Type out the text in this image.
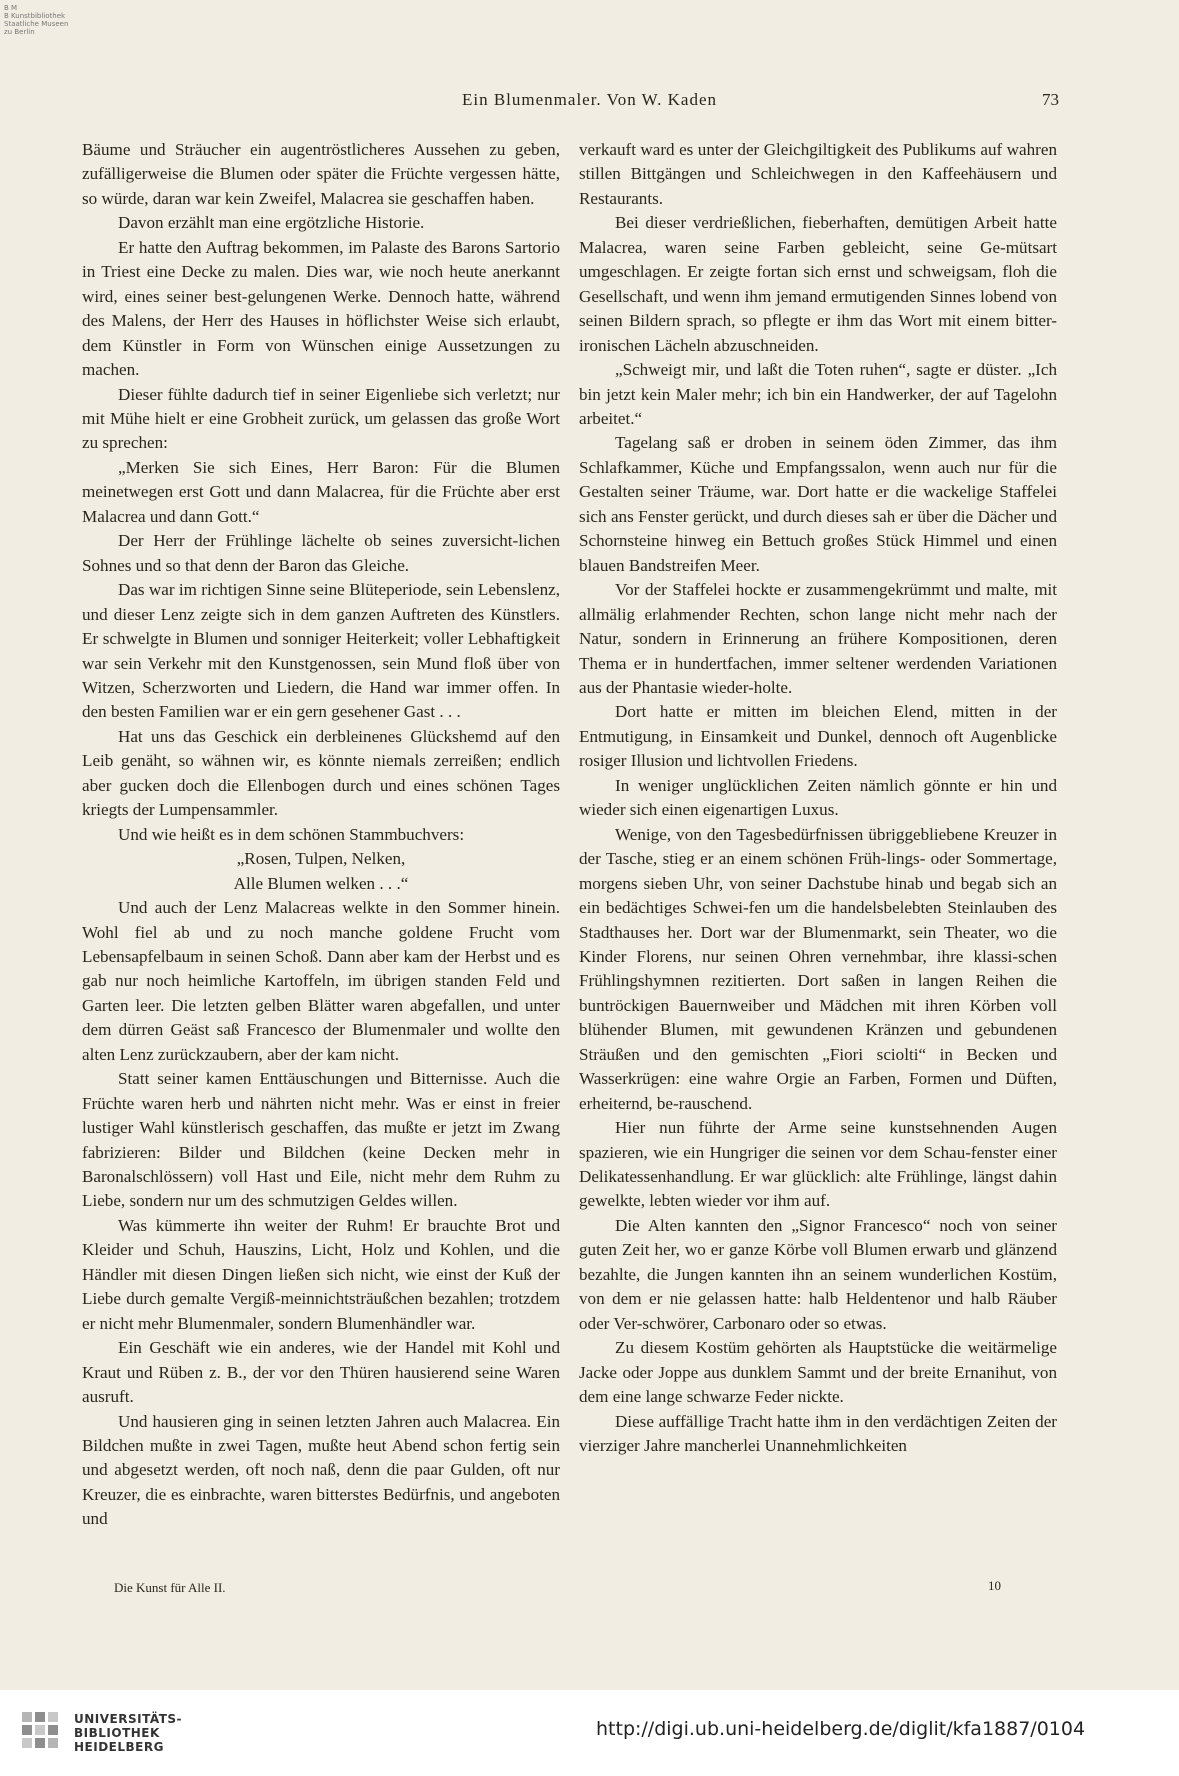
B M
B Kunstbibliothek
Staatliche Museen
zu Berlin
Ein Blumenmaler. Von W. Kaden	73

Bäume und Sträucher ein augentröstlicheres Aussehen zu geben, zufälligerweise die Blumen oder später die Früchte vergessen hätte, so würde, daran war kein Zweifel, Malacrea sie geschaffen haben.

Davon erzählt man eine ergötzliche Historie.

Er hatte den Auftrag bekommen, im Palaste des Barons Sartorio in Triest eine Decke zu malen. Dies war, wie noch heute anerkannt wird, eines seiner best-gelungenen Werke. Dennoch hatte, während des Malens, der Herr des Hauses in höflichster Weise sich erlaubt, dem Künstler in Form von Wünschen einige Aussetzungen zu machen.

Dieser fühlte dadurch tief in seiner Eigenliebe sich verletzt; nur mit Mühe hielt er eine Grobheit zurück, um gelassen das große Wort zu sprechen:

„Merken Sie sich Eines, Herr Baron: Für die Blumen meinetwegen erst Gott und dann Malacrea, für die Früchte aber erst Malacrea und dann Gott.“

Der Herr der Frühlinge lächelte ob seines zuversicht-lichen Sohnes und so that denn der Baron das Gleiche.

Das war im richtigen Sinne seine Blüteperiode, sein Lebenslenz, und dieser Lenz zeigte sich in dem ganzen Auftreten des Künstlers. Er schwelgte in Blumen und sonniger Heiterkeit; voller Lebhaftigkeit war sein Verkehr mit den Kunstgenossen, sein Mund floß über von Witzen, Scherzworten und Liedern, die Hand war immer offen. In den besten Familien war er ein gern gesehener Gast . . .

Hat uns das Geschick ein derbleinenes Glückshemd auf den Leib genäht, so wähnen wir, es könnte niemals zerreißen; endlich aber gucken doch die Ellenbogen durch und eines schönen Tages kriegts der Lumpensammler.

Und wie heißt es in dem schönen Stammbuchvers:

„Rosen, Tulpen, Nelken,

Alle Blumen welken . . .“

Und auch der Lenz Malacreas welkte in den Sommer hinein. Wohl fiel ab und zu noch manche goldene Frucht vom Lebensapfelbaum in seinen Schoß. Dann aber kam der Herbst und es gab nur noch heimliche Kartoffeln, im übrigen standen Feld und Garten leer. Die letzten gelben Blätter waren abgefallen, und unter dem dürren Geäst saß Francesco der Blumenmaler und wollte den alten Lenz zurückzaubern, aber der kam nicht.

Statt seiner kamen Enttäuschungen und Bitternisse. Auch die Früchte waren herb und nährten nicht mehr. Was er einst in freier lustiger Wahl künstlerisch geschaffen, das mußte er jetzt im Zwang fabrizieren: Bilder und Bildchen (keine Decken mehr in Baronalschlössern) voll Hast und Eile, nicht mehr dem Ruhm zu Liebe, sondern nur um des schmutzigen Geldes willen.

Was kümmerte ihn weiter der Ruhm! Er brauchte Brot und Kleider und Schuh, Hauszins, Licht, Holz und Kohlen, und die Händler mit diesen Dingen ließen sich nicht, wie einst der Kuß der Liebe durch gemalte Vergiß-meinnichtsträußchen bezahlen; trotzdem er nicht mehr Blumenmaler, sondern Blumenhändler war.

Ein Geschäft wie ein anderes, wie der Handel mit Kohl und Kraut und Rüben z. B., der vor den Thüren hausierend seine Waren ausruft.

Und hausieren ging in seinen letzten Jahren auch Malacrea. Ein Bildchen mußte in zwei Tagen, mußte heut Abend schon fertig sein und abgesetzt werden, oft noch naß, denn die paar Gulden, oft nur Kreuzer, die es einbrachte, waren bitterstes Bedürfnis, und angeboten und

verkauft ward es unter der Gleichgiltigkeit des Publikums auf wahren stillen Bittgängen und Schleichwegen in den Kaffeehäusern und Restaurants.

Bei dieser verdrießlichen, fieberhaften, demütigen Arbeit hatte Malacrea, waren seine Farben gebleicht, seine Ge-mütsart umgeschlagen. Er zeigte fortan sich ernst und schweigsam, floh die Gesellschaft, und wenn ihm jemand ermutigenden Sinnes lobend von seinen Bildern sprach, so pflegte er ihm das Wort mit einem bitter-ironischen Lächeln abzuschneiden.

„Schweigt mir, und laßt die Toten ruhen“, sagte er düster. „Ich bin jetzt kein Maler mehr; ich bin ein Handwerker, der auf Tagelohn arbeitet.“

Tagelang saß er droben in seinem öden Zimmer, das ihm Schlafkammer, Küche und Empfangssalon, wenn auch nur für die Gestalten seiner Träume, war. Dort hatte er die wackelige Staffelei sich ans Fenster gerückt, und durch dieses sah er über die Dächer und Schornsteine hinweg ein Bettuch großes Stück Himmel und einen blauen Bandstreifen Meer.

Vor der Staffelei hockte er zusammengekrümmt und malte, mit allmälig erlahmender Rechten, schon lange nicht mehr nach der Natur, sondern in Erinnerung an frühere Kompositionen, deren Thema er in hundertfachen, immer seltener werdenden Variationen aus der Phantasie wieder-holte.

Dort hatte er mitten im bleichen Elend, mitten in der Entmutigung, in Einsamkeit und Dunkel, dennoch oft Augenblicke rosiger Illusion und lichtvollen Friedens.

In weniger unglücklichen Zeiten nämlich gönnte er hin und wieder sich einen eigenartigen Luxus.

Wenige, von den Tagesbedürfnissen übriggebliebene Kreuzer in der Tasche, stieg er an einem schönen Früh-lings- oder Sommertage, morgens sieben Uhr, von seiner Dachstube hinab und begab sich an ein bedächtiges Schwei-fen um die handelsbelebten Steinlauben des Stadthauses her. Dort war der Blumenmarkt, sein Theater, wo die Kinder Florens, nur seinen Ohren vernehmbar, ihre klassi-schen Frühlingshymnen rezitierten. Dort saßen in langen Reihen die buntröckigen Bauernweiber und Mädchen mit ihren Körben voll blühender Blumen, mit gewundenen Kränzen und gebundenen Sträußen und den gemischten „Fiori sciolti“ in Becken und Wasserkrügen: eine wahre Orgie an Farben, Formen und Düften, erheiternd, be-rauschend.

Hier nun führte der Arme seine kunstsehnenden Augen spazieren, wie ein Hungriger die seinen vor dem Schau-fenster einer Delikatessenhandlung. Er war glücklich: alte Frühlinge, längst dahin gewelkte, lebten wieder vor ihm auf.

Die Alten kannten den „Signor Francesco“ noch von seiner guten Zeit her, wo er ganze Körbe voll Blumen erwarb und glänzend bezahlte, die Jungen kannten ihn an seinem wunderlichen Kostüm, von dem er nie gelassen hatte: halb Heldentenor und halb Räuber oder Ver-schwörer, Carbonaro oder so etwas.

Zu diesem Kostüm gehörten als Hauptstücke die weitärmelige Jacke oder Joppe aus dunklem Sammt und der breite Ernanihut, von dem eine lange schwarze Feder nickte.

Diese auffällige Tracht hatte ihm in den verdächtigen Zeiten der vierziger Jahre mancherlei Unannehmlichkeiten

Die Kunst für Alle II.	10
UNIVERSITÄTS-
BIBLIOTHEK
HEIDELBERG
http://digi.ub.uni-heidelberg.de/diglit/kfa1887/0104
